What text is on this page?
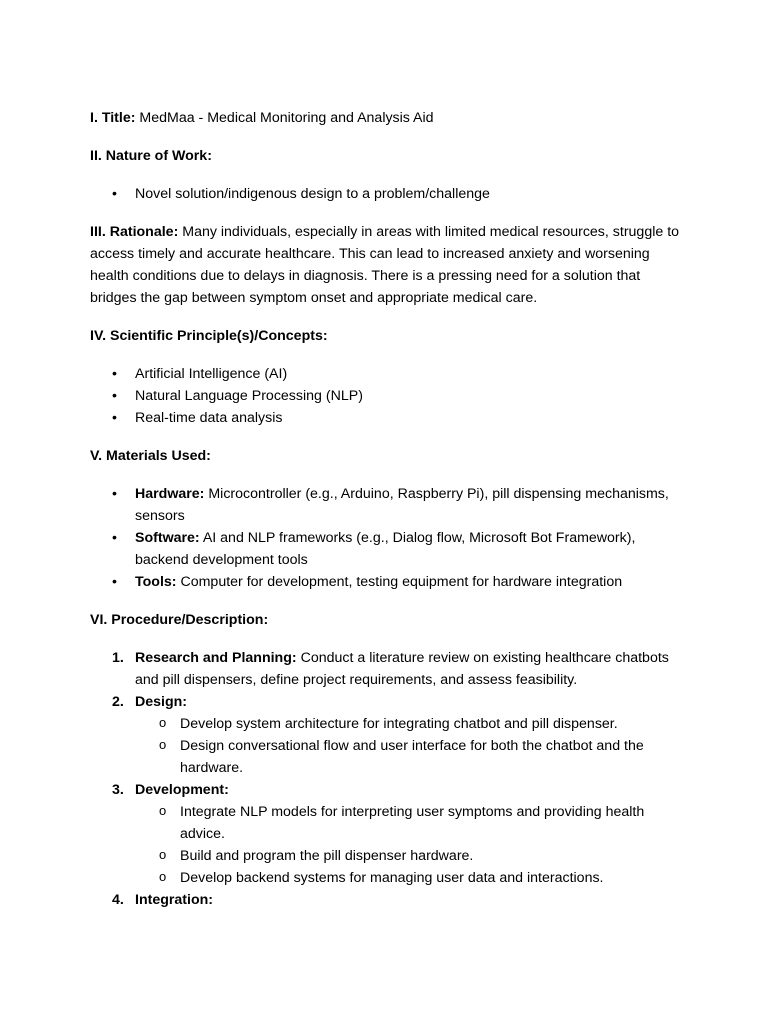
I. Title: MedMaa - Medical Monitoring and Analysis Aid

II. Nature of Work:

• Novel solution/indigenous design to a problem/challenge

III. Rationale: Many individuals, especially in areas with limited medical resources, struggle to access timely and accurate healthcare. This can lead to increased anxiety and worsening health conditions due to delays in diagnosis. There is a pressing need for a solution that bridges the gap between symptom onset and appropriate medical care.

IV. Scientific Principle(s)/Concepts:

• Artificial Intelligence (AI)
• Natural Language Processing (NLP)
• Real-time data analysis

V. Materials Used:

• Hardware: Microcontroller (e.g., Arduino, Raspberry Pi), pill dispensing mechanisms, sensors
• Software: AI and NLP frameworks (e.g., Dialog flow, Microsoft Bot Framework), backend development tools
• Tools: Computer for development, testing equipment for hardware integration

VI. Procedure/Description:

1. Research and Planning: Conduct a literature review on existing healthcare chatbots and pill dispensers, define project requirements, and assess feasibility.
2. Design:
o Develop system architecture for integrating chatbot and pill dispenser.
o Design conversational flow and user interface for both the chatbot and the hardware.
3. Development:
o Integrate NLP models for interpreting user symptoms and providing health advice.
o Build and program the pill dispenser hardware.
o Develop backend systems for managing user data and interactions.
4. Integration:
